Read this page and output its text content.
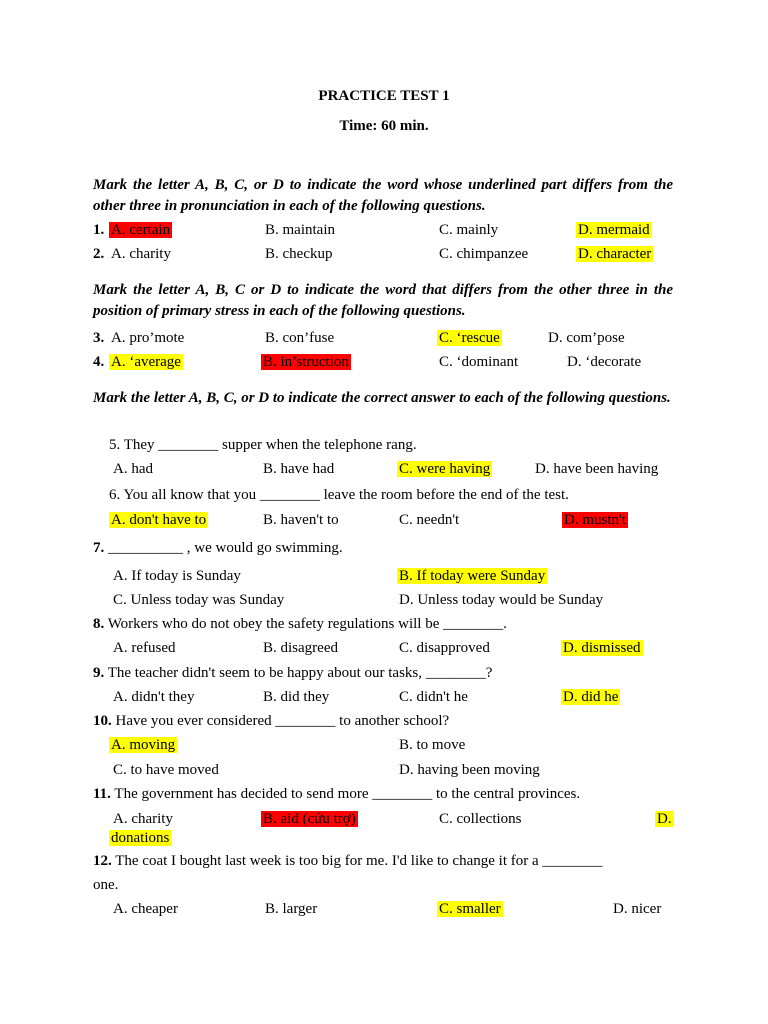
PRACTICE TEST 1
Time: 60 min.
Mark the letter A, B, C, or D to indicate the word whose underlined part differs from the other three in pronunciation in each of the following questions.
1. A. certain	B. maintain	C. mainly	D. mermaid
2. A. charity	B. checkup	C. chimpanzee	D. character
Mark the letter A, B, C or D to indicate the word that differs from the other three in the position of primary stress in each of the following questions.
3. A. pro’mote	B. con’fuse	C. ‘rescue	D. com’pose
4. A. ‘average	B. in’struction	C. ‘dominant	D. ‘decorate
Mark the letter A, B, C, or D to indicate the correct answer to each of the following questions.
5. They ________ supper when the telephone rang.
A. had	B. have had	C. were having	D. have been having
6. You all know that you ________ leave the room before the end of the test.
A. don't have to	B. haven't to	C. needn't	D. mustn't
7. __________ , we would go swimming.
A. If today is Sunday	B. If today were Sunday
C. Unless today was Sunday	D. Unless today would be Sunday
8. Workers who do not obey the safety regulations will be ________.
A. refused	B. disagreed	C. disapproved	D. dismissed
9. The teacher didn't seem to be happy about our tasks, ________?
A. didn't they	B. did they	C. didn't he	D. did he
10. Have you ever considered ________ to another school?
A. moving	B. to move
C. to have moved	D. having been moving
11. The government has decided to send more ________ to the central provinces.
A. charity	B. aid (cứu trợ)	C. collections	D.
donations
12. The coat I bought last week is too big for me. I'd like to change it for a ________
one.
A. cheaper	B. larger	C. smaller	D. nicer
